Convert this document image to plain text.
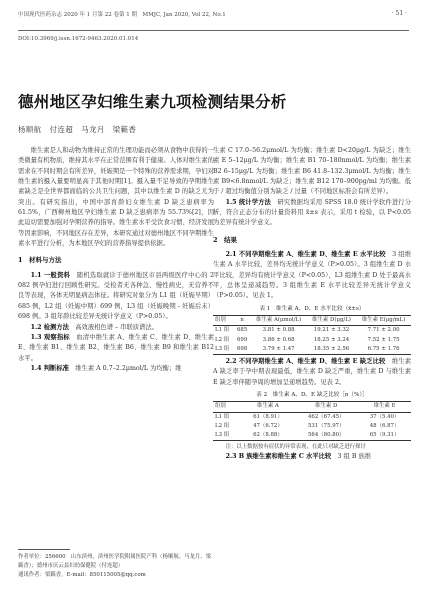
中国现代医药杂志 2020 年 1 月第 22 卷第 1 期　MMJC, Jan 2020, Vol 22, No.1	· 51 ·
DOI:10.3969/j.issn.1672-9463.2020.01.014
德州地区孕妇维生素九项检测结果分析
杨顺航　付连超　马龙月　梁籁香

维生素是人和动物为维持正常的生理功能而必须从食物中获得的一类微量有机物质，维持其水平在正常范围有利于健康。人体对维生素的需求在不同时期会有所差异，妊娠期是一个特殊的营养需求期，孕妇对维生素的摄入量要明显高于其他时期[1]。摄入量不足导致的孕期维生素缺乏是全世界都面临的公共卫生问题，其中以维生素 D 的缺乏尤为突出。有研究指出，中国中部育龄妇女维生素 D 缺乏患病率为 61.5%，广西柳州地区孕妇维生素 D 缺乏患病率为 55.73%[2]，因此迫切需要加强对孕期营养的指导。维生素水平受饮食习惯、经济发展等因素影响，不同地区存在差异，本研究通过对德州地区不同孕期维生素水平进行分析，为本地区孕妇的营养指导提供依据。

1　材料与方法

1.1 一般资料　 随机选取就诊于德州地区市县两级医疗中心的 2 082 例孕妇进行回顾性研究。受检者无各种急、慢性病史，无营养不良等表现，各体无明显病态体征。将研究对象分为 L1 组（妊娠早期）685 例，L2 组（妊娠中期）699 例，L3 组（妊娠晚期 - 妊娠后末）698 例。3 组年龄比较差异无统计学意义（P>0.05）。

1.2 检测方法　 高效液相色谱 – 串联质谱法。

1.3 观察指标　 血清中维生素 A、维生素 C、维生素 D、维生素 E、维生素 B1、维生素 B2、维生素 B6、维生素 B9 和维生素 B12 水平。

1.4 判断标准　 维生素 A 0.7–2.2μmol/L 为均衡；维

生素 C 17.0–56.2μmol/L 为均衡；维生素 D<20μg/L 为缺乏；维生素 E 5–12μg/L 为均衡；维生素 B1 70–180nmol/L 为均衡；维生素 B2 6–15μg/L 为均衡；维生素 B6 41.8–132.3μmol/L 为均衡；维生素 B9<6.8nmol/L 为缺乏；维生素 B12 170–900pg/ml 为均衡。低于 / 超过均衡值分别为缺乏 / 过量（不同地区标准会有所差异）。

1.5 统计学方法　 研究数据均采用 SPSS 18.0 统计学软件进行分析，符合正态分布的计量资料用 x̄±s 表示，采用 t 检验，以 P<0.05 为差异有统计学意义。

2　结果

2.1 不同孕期维生素 A、维生素 D、维生素 E 水平比较　 3 组维生素 A 水平比较，差异均无统计学意义（P>0.05）。3 组维生素 D 水平比较，差异均有统计学意义（P<0.05），L3 组维生素 D 处于最高水平，总体呈递减趋势。3 组维生素 E 水平比较差异无统计学意义（P>0.05）。见表 1。

表 1　维生素 A、D、E 水平比较（x̄±s）
组别	n	维生素 A(μmol/L)	维生素 D(μg/L)	维生素 E(μg/mL)
L1 组	685	3.81 ± 0.88	19.21 ± 3.32	7.71 ± 2.00
L2 组	699	3.86 ± 0.68	18.25 ± 3.24	7.52 ± 1.75
L3 组	698	3.79 ± 1.47	18.35 ± 2.56	6.75 ± 1.76

2.2 不同孕期维生素 A、维生素 D、维生素 E 缺乏比较　 维生素 A 缺乏率于孕中期表现最低，维生素 D 缺乏严重，维生素 D 与维生素 E 缺乏率伴随孕周的增加呈递增趋势。见表 2。

表 2　维生素 A、D、E 缺乏比较［n（%）］
组别	维生素 A	维生素 D	维生素 E
L1 组	61（8.91）	462（67.45）	37（5.40）
L2 组	47（6.72）	531（75.97）	48（6.87）
L3 组	62（8.88）	564（80.80）	65（9.31）

注：以上数据按有症状的异常表现，在此只对缺乏进行探讨

2.3 B 族维生素和维生素 C 水平比较　 3 组 B 族维

作者单位：256600　山东滨州，滨州医学院附属医院产科（杨顺航、马龙月、梁籁香）；德州市庆云县妇幼保健院（付连超）
通讯作者：梁籁香，E-mail：850115005@qq.com
